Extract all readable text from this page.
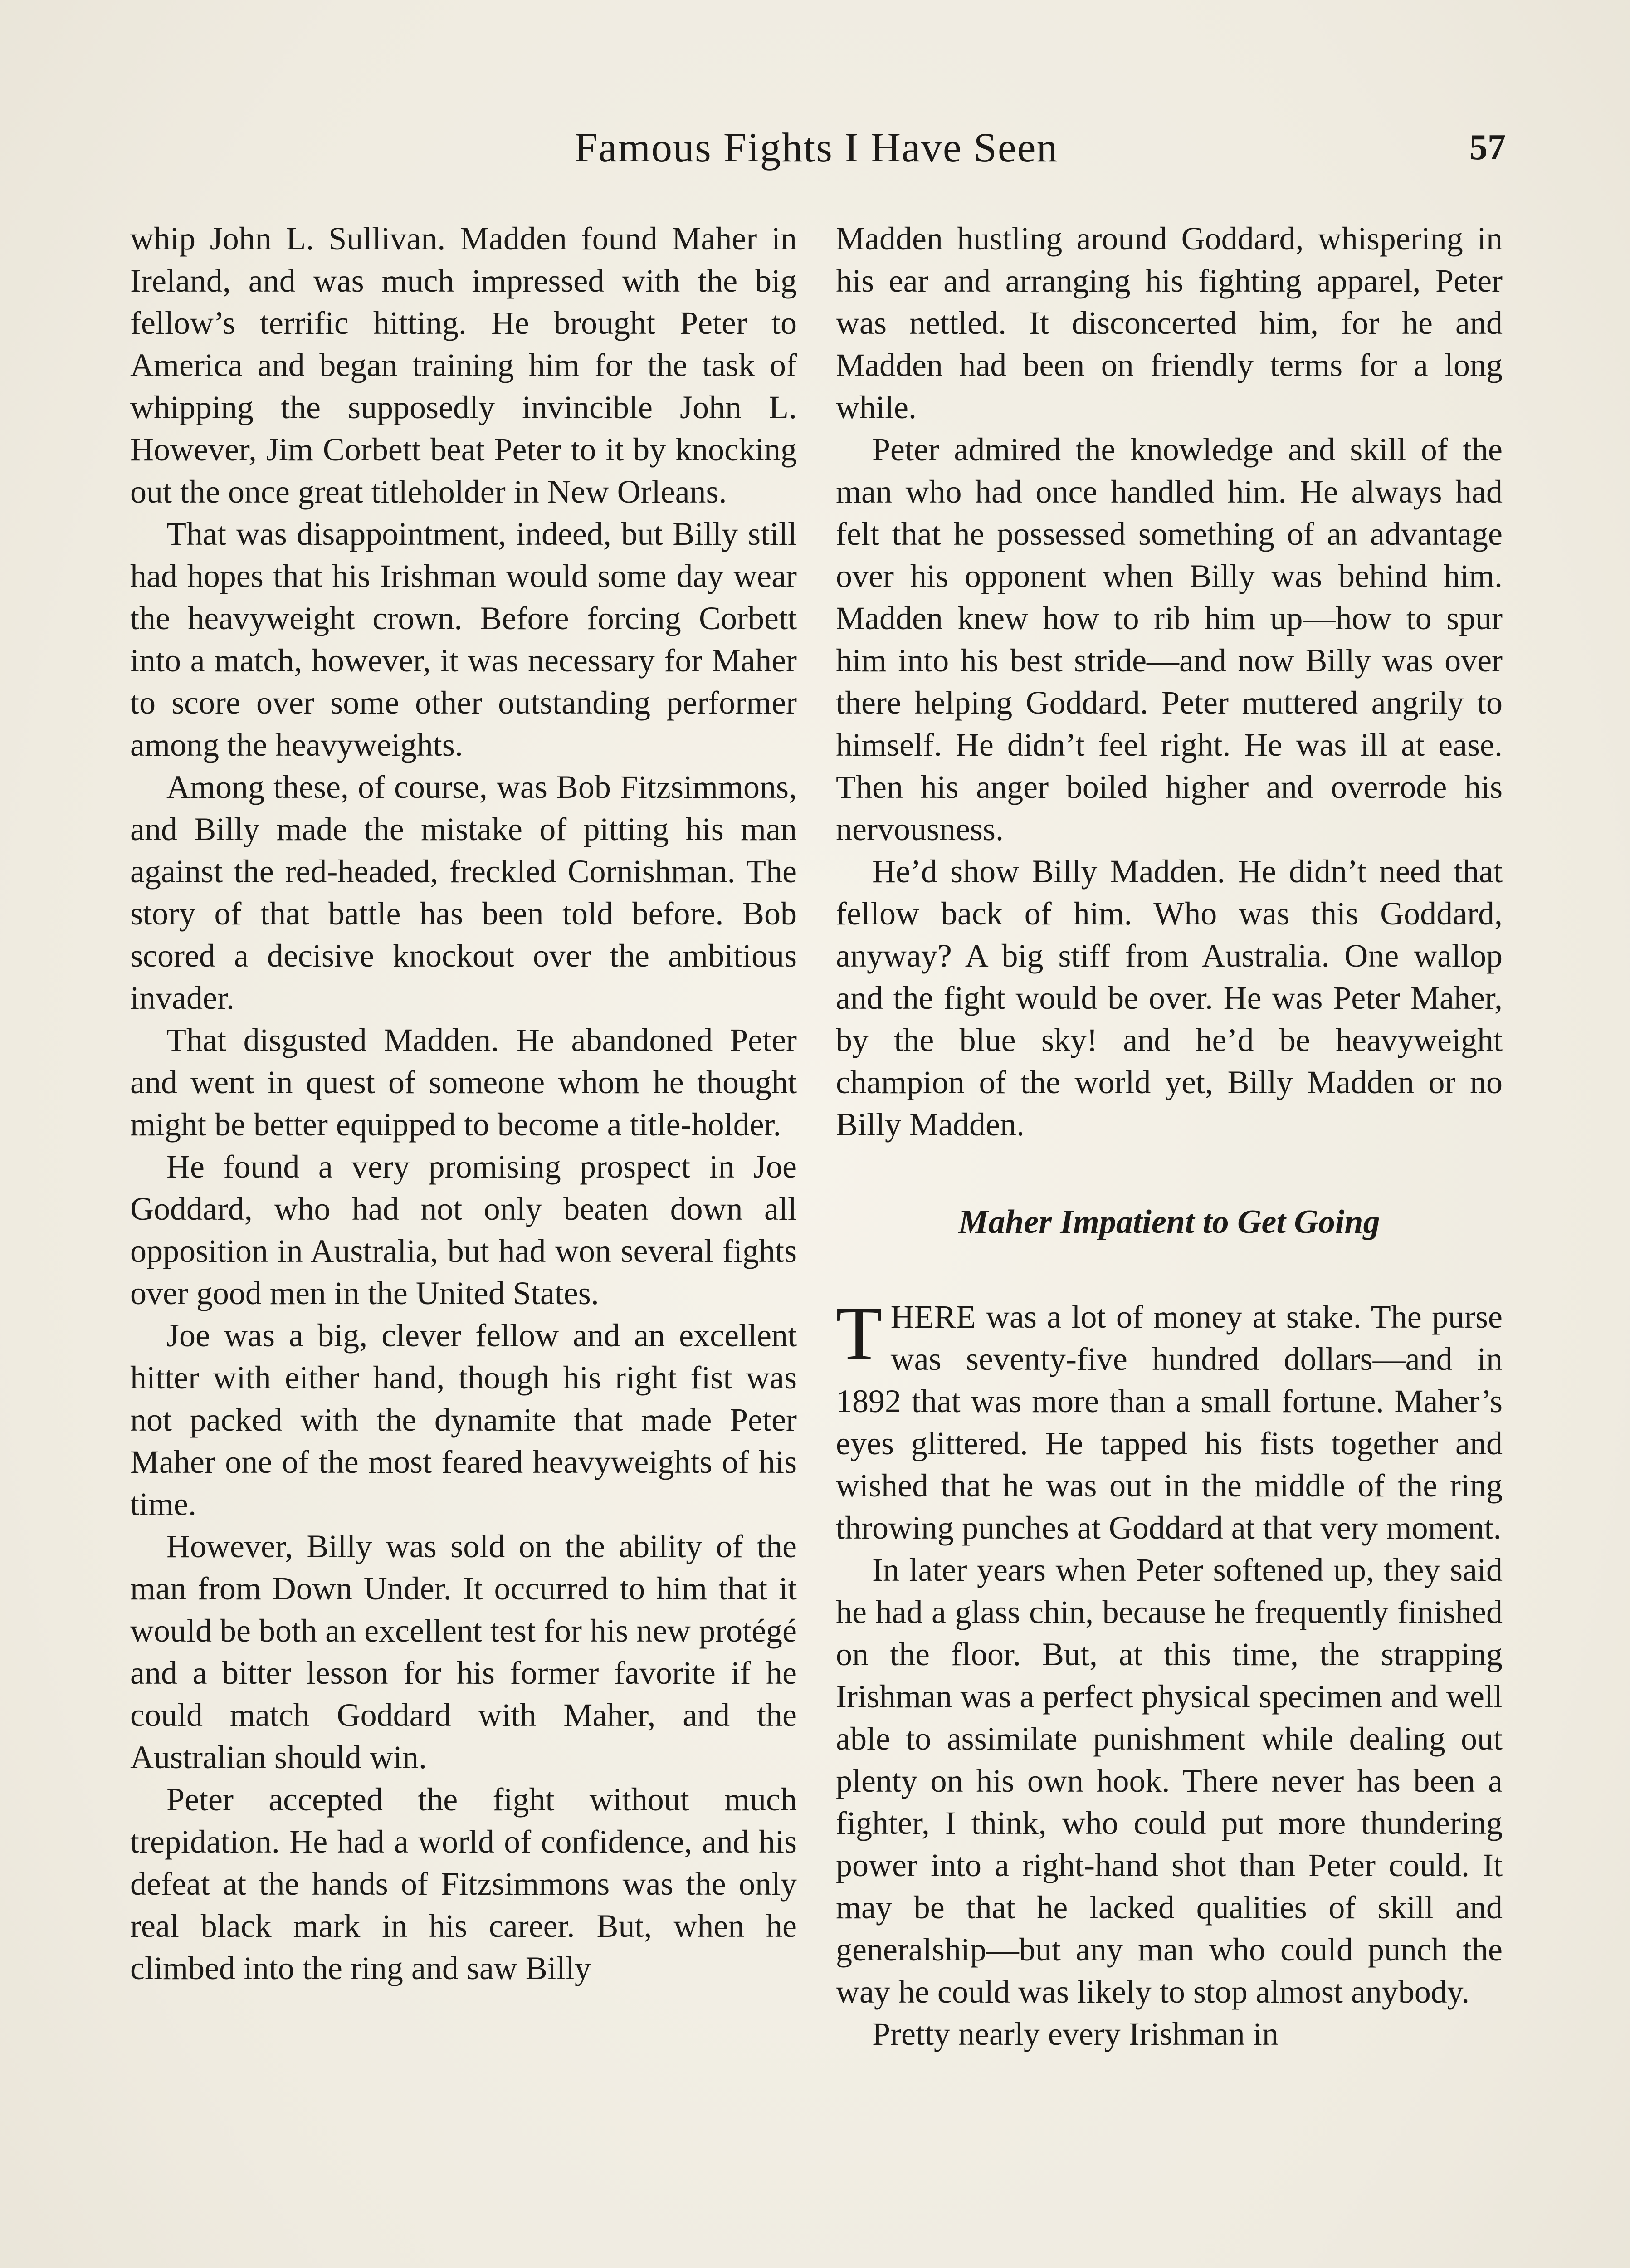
Famous Fights I Have Seen	57

whip John L. Sullivan. Madden found Maher in Ireland, and was much impressed with the big fellow’s terrific hitting. He brought Peter to America and began training him for the task of whipping the supposedly invincible John L. However, Jim Corbett beat Peter to it by knocking out the once great titleholder in New Orleans.

That was disappointment, indeed, but Billy still had hopes that his Irishman would some day wear the heavyweight crown. Before forcing Corbett into a match, however, it was necessary for Maher to score over some other outstanding performer among the heavyweights.

Among these, of course, was Bob Fitzsimmons, and Billy made the mistake of pitting his man against the red-headed, freckled Cornishman. The story of that battle has been told before. Bob scored a decisive knockout over the ambitious invader.

That disgusted Madden. He abandoned Peter and went in quest of someone whom he thought might be better equipped to become a title-holder.

He found a very promising prospect in Joe Goddard, who had not only beaten down all opposition in Australia, but had won several fights over good men in the United States.

Joe was a big, clever fellow and an excellent hitter with either hand, though his right fist was not packed with the dynamite that made Peter Maher one of the most feared heavyweights of his time.

However, Billy was sold on the ability of the man from Down Under. It occurred to him that it would be both an excellent test for his new protégé and a bitter lesson for his former favorite if he could match Goddard with Maher, and the Australian should win.

Peter accepted the fight without much trepidation. He had a world of confidence, and his defeat at the hands of Fitzsimmons was the only real black mark in his career. But, when he climbed into the ring and saw Billy

Madden hustling around Goddard, whispering in his ear and arranging his fighting apparel, Peter was nettled. It disconcerted him, for he and Madden had been on friendly terms for a long while.

Peter admired the knowledge and skill of the man who had once handled him. He always had felt that he possessed something of an advantage over his opponent when Billy was behind him. Madden knew how to rib him up—how to spur him into his best stride—and now Billy was over there helping Goddard. Peter muttered angrily to himself. He didn’t feel right. He was ill at ease. Then his anger boiled higher and overrode his nervousness.

He’d show Billy Madden. He didn’t need that fellow back of him. Who was this Goddard, anyway? A big stiff from Australia. One wallop and the fight would be over. He was Peter Maher, by the blue sky! and he’d be heavyweight champion of the world yet, Billy Madden or no Billy Madden.

Maher Impatient to Get Going

THERE was a lot of money at stake. The purse was seventy-five hundred dollars—and in 1892 that was more than a small fortune. Maher’s eyes glittered. He tapped his fists together and wished that he was out in the middle of the ring throwing punches at Goddard at that very moment.

In later years when Peter softened up, they said he had a glass chin, because he frequently finished on the floor. But, at this time, the strapping Irishman was a perfect physical specimen and well able to assimilate punishment while dealing out plenty on his own hook. There never has been a fighter, I think, who could put more thundering power into a right-hand shot than Peter could. It may be that he lacked qualities of skill and generalship—but any man who could punch the way he could was likely to stop almost anybody.

Pretty nearly every Irishman in
